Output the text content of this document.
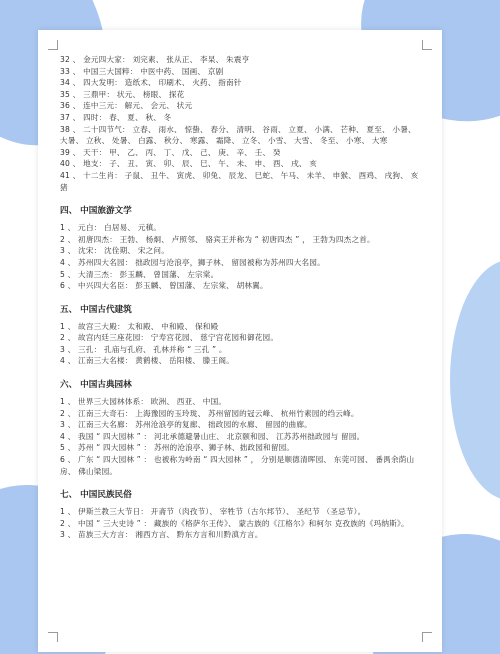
32 、 金元四大家： 刘完素、 张从正、 李杲、 朱震亨

33 、 中国三大国粹： 中医中药、 国画、 京剧

34 、 四大发明： 造纸术、 印刷术、 火药、 指南针

35 、 三鼎甲： 状元、 榜眼、 探花

36 、 连中三元： 解元、 会元、 状元

37 、 四时： 春、 夏、 秋、 冬

38 、 二十四节气： 立春、 雨水、 惊蛰、 春分、 清明、 谷雨、 立夏、 小满、 芒种、 夏至、 小暑、 大暑、 立秋、 处暑、 白露、 秋分、 寒露、 霜降、 立冬、 小雪、 大雪、 冬至、 小寒、 大寒

39 、 天干： 甲、 乙、 丙、 丁、 戊、 己、 庚、 辛、 壬、 癸

40 、 地支： 子、 丑、 寅、 卯、 辰、 巳、 午、 未、 申、 酉、 戌、 亥

41 、 十二生肖： 子鼠、 丑牛、 寅虎、 卯兔、 辰龙、 巳蛇、 午马、 未羊、 申猴、 酉鸡、 戌狗、 亥猪

四、 中国旅游文学

1 、 元白： 白居易、 元稹。

2 、 初唐四杰： 王勃、 杨炯、 卢照邻、 骆宾王并称为 “ 初唐四杰 ” ， 王勃为四杰之首。

3 、 沈宋： 沈佺期、 宋之问。

4 、 苏州四大名园： 拙政园与沧浪亭，狮子林、 留园被称为苏州四大名园。

5 、 大清三杰： 彭玉麟、 曾国藩、 左宗棠。

6 、 中兴四大名臣： 彭玉麟、 曾国藩、 左宗棠、 胡林翼。

五、 中国古代建筑

1 、 故宫三大殿： 太和殿、 中和殿、 保和殿

2 、 故宫内廷三座花园： 宁寿宫花园、 慈宁宫花园和御花园。

3 、 三孔： 孔庙与孔府、 孔林并称 “ 三孔 ” 。

4 、 江南三大名楼： 黄鹤楼、 岳阳楼、 滕王阁。

六、 中国古典园林

1 、 世界三大园林体系： 欧洲、 西亚、 中国。

2 、 江南三大奇石： 上海豫园的玉玲珑、 苏州留园的冠云峰、 杭州竹素园的绉云峰。

3 、 江南三大名廊： 苏州沧浪亭的复廊、 拙政园的水廊、 留园的曲廊。

4 、 我国 “ 四大园林 ” ： 河北承德避暑山庄、 北京颐和园、 江苏苏州拙政园与 留园。

5 、 苏州 “ 四大园林 ” ： 苏州的沧浪亭、狮子林、拙政园和留园。

6 、 广东 “ 四大园林 ” ： 也被称为岭南 “ 四大园林 ” ， 分别是顺德清晖园、 东莞可园、 番禺余荫山房、 佛山梁园。

七、 中国民族民俗

1 、 伊斯兰教三大节日： 开斋节（肉孜节）、 宰牲节（古尔邦节）、 圣纪节 （圣忌节）。

2 、 中国 “ 三大史诗 ” ： 藏族的《格萨尔王传》、 蒙古族的《江格尔》和柯尔 克孜族的《玛纳斯》。

3 、 苗族三大方言： 湘西方言、 黔东方言和川黔滇方言。
